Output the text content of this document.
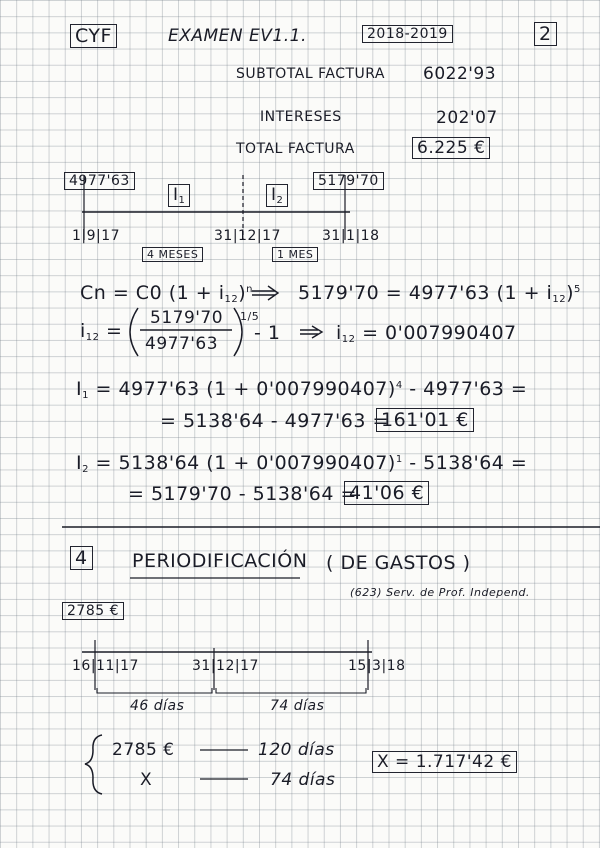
CYF	EXAMEN EV1.1.	2018-2019	2
SUBTOTAL FACTURA 6022'93
INTERESES	202'07
TOTAL FACTURA	6.225 €
4977'63	5179'70
$I_1$	$I_2$
1|9|17	31|12|17	31|1|18
4 MESES	1 MES
Cn = C0 $(1 + i_{12})^n$ 5179'70 = 4977'63 $(1 + i_{12})^5$
$i_{12}$ =
5179'70
4977'63
1/5
- 1	$i_{12} = 0'007990407$
$I_1 = 4977'63$ $(1 + 0'007990407)^4 - 4977'63$ =
= 5138'64 - 4977'63 =
161'01 €
$I_2 = 5138'64$ $(1 + 0'007990407)^1 - 5138'64$ =
= 5179'70 - 5138'64 =
41'06 €
4 PERIODIFICACIÓN ( DE GASTOS )
(623) Serv. de Prof. Independ.
2785 €
16|11|17	31|12|17	15|3|18
46 días	74 días
2785 €	120 días
X	74 días
X = 1.717'42 €
